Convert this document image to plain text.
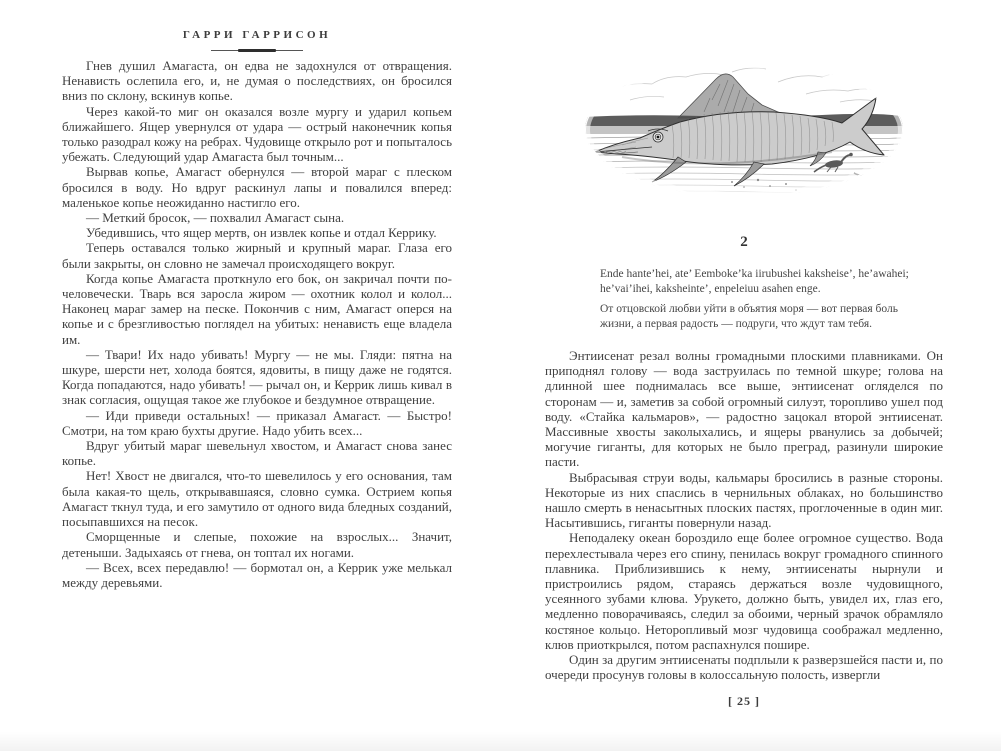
ГАРРИ ГАРРИСОН

Гнев душил Амагаста, он едва не задохнулся от отвращения. Ненависть ослепила его, и, не думая о последствиях, он бросился вниз по склону, вскинув копье.

Через какой-то миг он оказался возле мургу и ударил копьем ближайшего. Ящер увернулся от удара — острый наконечник копья только разодрал кожу на ребрах. Чудовище открыло рот и попыталось убежать. Следующий удар Амагаста был точным...

Вырвав копье, Амагаст обернулся — второй мараг с плеском бросился в воду. Но вдруг раскинул лапы и повалился вперед: маленькое копье неожиданно настигло его.

— Меткий бросок, — похвалил Амагаст сына.

Убедившись, что ящер мертв, он извлек копье и отдал Керрику.

Теперь оставался только жирный и крупный мараг. Глаза его были закрыты, он словно не замечал происходящего вокруг.

Когда копье Амагаста проткнуло его бок, он закричал почти по-человечески. Тварь вся заросла жиром — охотник колол и колол... Наконец мараг замер на песке. Покончив с ним, Амагаст оперся на копье и с брезгливостью поглядел на убитых: ненависть еще владела им.

— Твари! Их надо убивать! Мургу — не мы. Гляди: пятна на шкуре, шерсти нет, холода боятся, ядовиты, в пищу даже не годятся. Когда попадаются, надо убивать! — рычал он, и Керрик лишь кивал в знак согласия, ощущая такое же глубокое и бездумное отвращение.

— Иди приведи остальных! — приказал Амагаст. — Быстро! Смотри, на том краю бухты другие. Надо убить всех...

Вдруг убитый мараг шевельнул хвостом, и Амагаст снова занес копье.

Нет! Хвост не двигался, что-то шевелилось у его основания, там была какая-то щель, открывавшаяся, словно сумка. Острием копья Амагаст ткнул туда, и его замутило от одного вида бледных созданий, посыпавшихся на песок.

Сморщенные и слепые, похожие на взрослых... Значит, детеныши. Задыхаясь от гнева, он топтал их ногами.

— Всех, всех передавлю! — бормотал он, а Керрик уже мелькал между деревьями.

2

Ende hante’hei, ate’ Eemboke’ka iirubushei kaksheise’, he’awahei; he’vai’ihei, kaksheinte’, enpeleiuu asahen enge.

От отцовской любви уйти в объятия моря — вот первая боль жизни, а первая радость — подруги, что ждут там тебя.

Энтиисенат резал волны громадными плоскими плавниками. Он приподнял голову — вода заструилась по темной шкуре; голова на длинной шее поднималась все выше, энтиисенат огляделся по сторонам — и, заметив за собой огромный силуэт, торопливо ушел под воду. «Стайка кальмаров», — радостно зацокал второй энтиисенат. Массивные хвосты заколыхались, и ящеры рванулись за добычей; могучие гиганты, для которых не было преград, разинули широкие пасти.

Выбрасывая струи воды, кальмары бросились в разные стороны. Некоторые из них спаслись в чернильных облаках, но большинство нашло смерть в ненасытных плоских пастях, проглоченные в один миг. Насытившись, гиганты повернули назад.

Неподалеку океан бороздило еще более огромное существо. Вода перехлестывала через его спину, пенилась вокруг громадного спинного плавника. Приблизившись к нему, энтиисенаты нырнули и пристроились рядом, стараясь держаться возле чудовищного, усеянного зубами клюва. Урукето, должно быть, увидел их, глаз его, медленно поворачиваясь, следил за обоими, черный зрачок обрамляло костяное кольцо. Неторопливый мозг чудовища соображал медленно, клюв приоткрылся, потом распахнулся пошире.

Один за другим энтиисенаты подплыли к разверзшейся пасти и, по очереди просунув головы в колоссальную полость, извергли

[ 25 ]
